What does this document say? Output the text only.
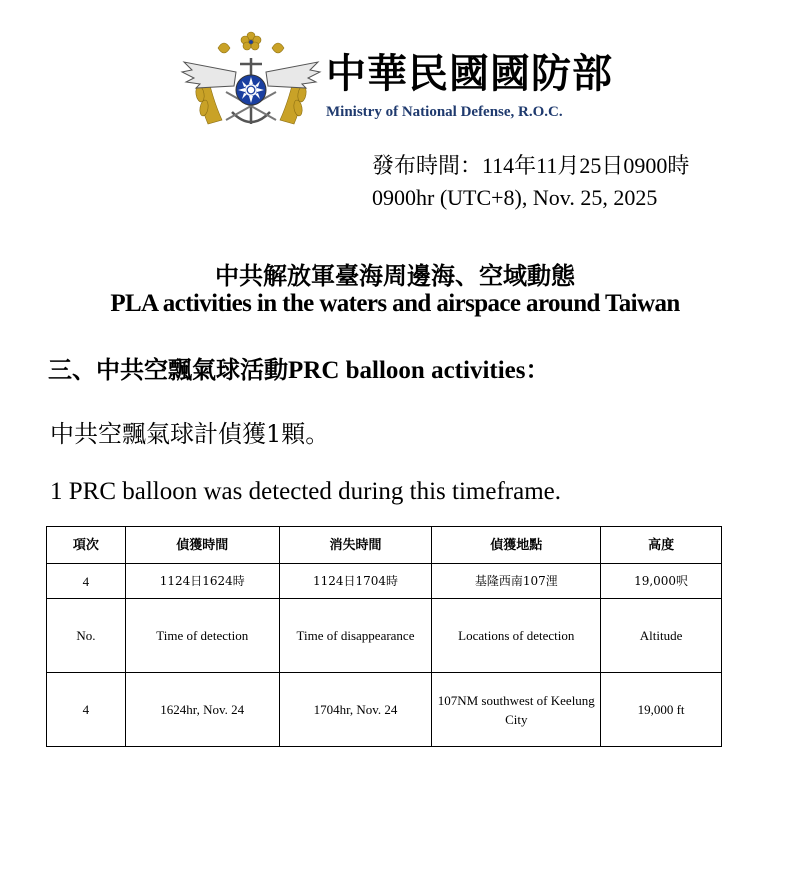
中華民國國防部
Ministry of National Defense, R.O.C.
發布時間：114年11月25日0900時
0900hr (UTC+8), Nov. 25, 2025
中共解放軍臺海周邊海、空域動態
PLA activities in the waters and airspace around Taiwan
三、中共空飄氣球活動PRC balloon activities：
中共空飄氣球計偵獲1顆。
1 PRC balloon was detected during this timeframe.
項次	偵獲時間	消失時間	偵獲地點	高度
4	1124日1624時	1124日1704時	基隆西南107浬	19,000呎
No.	Time of detection	Time of disappearance	Locations of detection	Altitude
4	1624hr, Nov. 24	1704hr, Nov. 24	107NM southwest of Keelung City	19,000 ft
